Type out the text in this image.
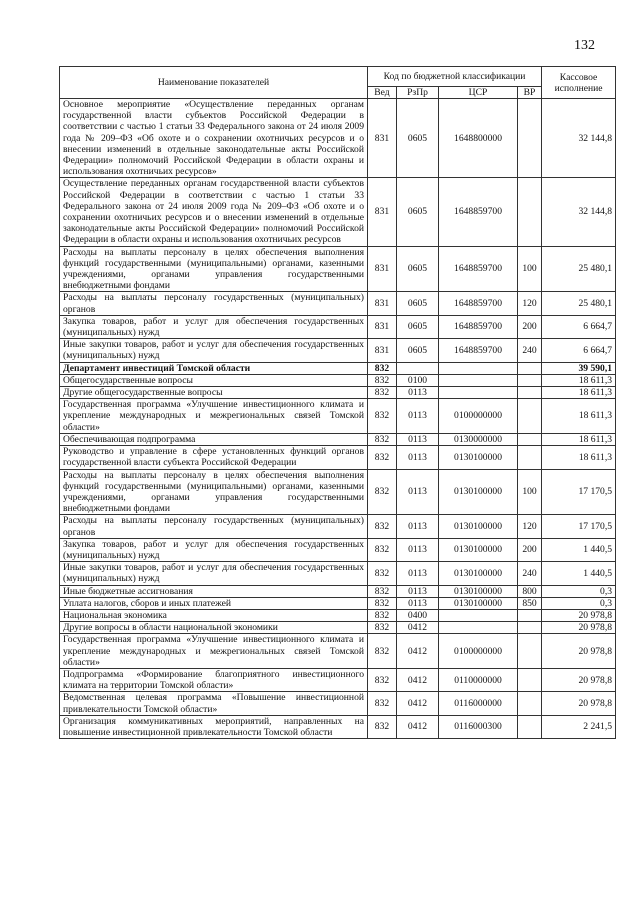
132
Наименование показателей	Код по бюджетной классификации				Кассовое исполнение
	Вед	РзПр	ЦСР	ВР	
Основное мероприятие «Осуществление переданных органам государственной власти субъектов Российской Федерации в соответствии с частью 1 статьи 33 Федерального закона от 24 июля 2009 года № 209–ФЗ «Об охоте и о сохранении охотничьих ресурсов и о внесении изменений в отдельные законодательные акты Российской Федерации» полномочий Российской Федерации в области охраны и использования охотничьих ресурсов»	831	0605	1648800000		32 144,8
Осуществление переданных органам государственной власти субъектов Российской Федерации в соответствии с частью 1 статьи 33 Федерального закона от 24 июля 2009 года № 209–ФЗ «Об охоте и о сохранении охотничьих ресурсов и о внесении изменений в отдельные законодательные акты Российской Федерации» полномочий Российской Федерации в области охраны и использования охотничьих ресурсов	831	0605	1648859700		32 144,8
Расходы на выплаты персоналу в целях обеспечения выполнения функций государственными (муниципальными) органами, казенными учреждениями, органами управления государственными внебюджетными фондами	831	0605	1648859700	100	25 480,1
Расходы на выплаты персоналу государственных (муниципальных) органов	831	0605	1648859700	120	25 480,1
Закупка товаров, работ и услуг для обеспечения государственных (муниципальных) нужд	831	0605	1648859700	200	6 664,7
Иные закупки товаров, работ и услуг для обеспечения государственных (муниципальных) нужд	831	0605	1648859700	240	6 664,7
Департамент инвестиций Томской области	832				39 590,1
Общегосударственные вопросы	832	0100			18 611,3
Другие общегосударственные вопросы	832	0113			18 611,3
Государственная программа «Улучшение инвестиционного климата и укрепление международных и межрегиональных связей Томской области»	832	0113	0100000000		18 611,3
Обеспечивающая подпрограмма	832	0113	0130000000		18 611,3
Руководство и управление в сфере установленных функций органов государственной власти субъекта Российской Федерации	832	0113	0130100000		18 611,3
Расходы на выплаты персоналу в целях обеспечения выполнения функций государственными (муниципальными) органами, казенными учреждениями, органами управления государственными внебюджетными фондами	832	0113	0130100000	100	17 170,5
Расходы на выплаты персоналу государственных (муниципальных) органов	832	0113	0130100000	120	17 170,5
Закупка товаров, работ и услуг для обеспечения государственных (муниципальных) нужд	832	0113	0130100000	200	1 440,5
Иные закупки товаров, работ и услуг для обеспечения государственных (муниципальных) нужд	832	0113	0130100000	240	1 440,5
Иные бюджетные ассигнования	832	0113	0130100000	800	0,3
Уплата налогов, сборов и иных платежей	832	0113	0130100000	850	0,3
Национальная экономика	832	0400			20 978,8
Другие вопросы в области национальной экономики	832	0412			20 978,8
Государственная программа «Улучшение инвестиционного климата и укрепление международных и межрегиональных связей Томской области»	832	0412	0100000000		20 978,8
Подпрограмма «Формирование благоприятного инвестиционного климата на территории Томской области»	832	0412	0110000000		20 978,8
Ведомственная целевая программа «Повышение инвестиционной привлекательности Томской области»	832	0412	0116000000		20 978,8
Организация коммуникативных мероприятий, направленных на повышение инвестиционной привлекательности Томской области	832	0412	0116000300		2 241,5
